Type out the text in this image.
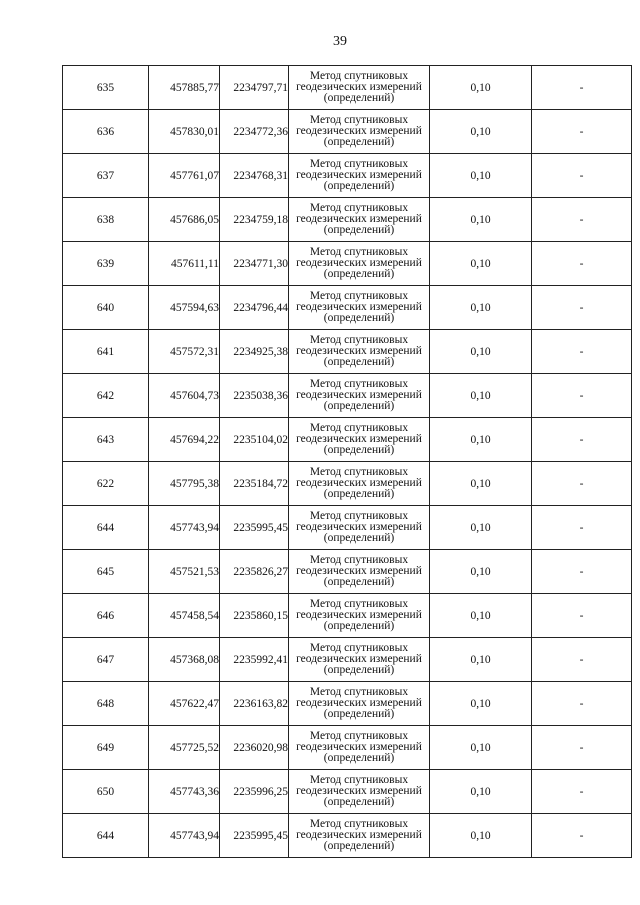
39
635	457885,77	2234797,71	Метод спутниковых
геодезических измерений
(определений)	0,10	-
636	457830,01	2234772,36	Метод спутниковых
геодезических измерений
(определений)	0,10	-
637	457761,07	2234768,31	Метод спутниковых
геодезических измерений
(определений)	0,10	-
638	457686,05	2234759,18	Метод спутниковых
геодезических измерений
(определений)	0,10	-
639	457611,11	2234771,30	Метод спутниковых
геодезических измерений
(определений)	0,10	-
640	457594,63	2234796,44	Метод спутниковых
геодезических измерений
(определений)	0,10	-
641	457572,31	2234925,38	Метод спутниковых
геодезических измерений
(определений)	0,10	-
642	457604,73	2235038,36	Метод спутниковых
геодезических измерений
(определений)	0,10	-
643	457694,22	2235104,02	Метод спутниковых
геодезических измерений
(определений)	0,10	-
622	457795,38	2235184,72	Метод спутниковых
геодезических измерений
(определений)	0,10	-
644	457743,94	2235995,45	Метод спутниковых
геодезических измерений
(определений)	0,10	-
645	457521,53	2235826,27	Метод спутниковых
геодезических измерений
(определений)	0,10	-
646	457458,54	2235860,15	Метод спутниковых
геодезических измерений
(определений)	0,10	-
647	457368,08	2235992,41	Метод спутниковых
геодезических измерений
(определений)	0,10	-
648	457622,47	2236163,82	Метод спутниковых
геодезических измерений
(определений)	0,10	-
649	457725,52	2236020,98	Метод спутниковых
геодезических измерений
(определений)	0,10	-
650	457743,36	2235996,25	Метод спутниковых
геодезических измерений
(определений)	0,10	-
644	457743,94	2235995,45	Метод спутниковых
геодезических измерений
(определений)	0,10	-
